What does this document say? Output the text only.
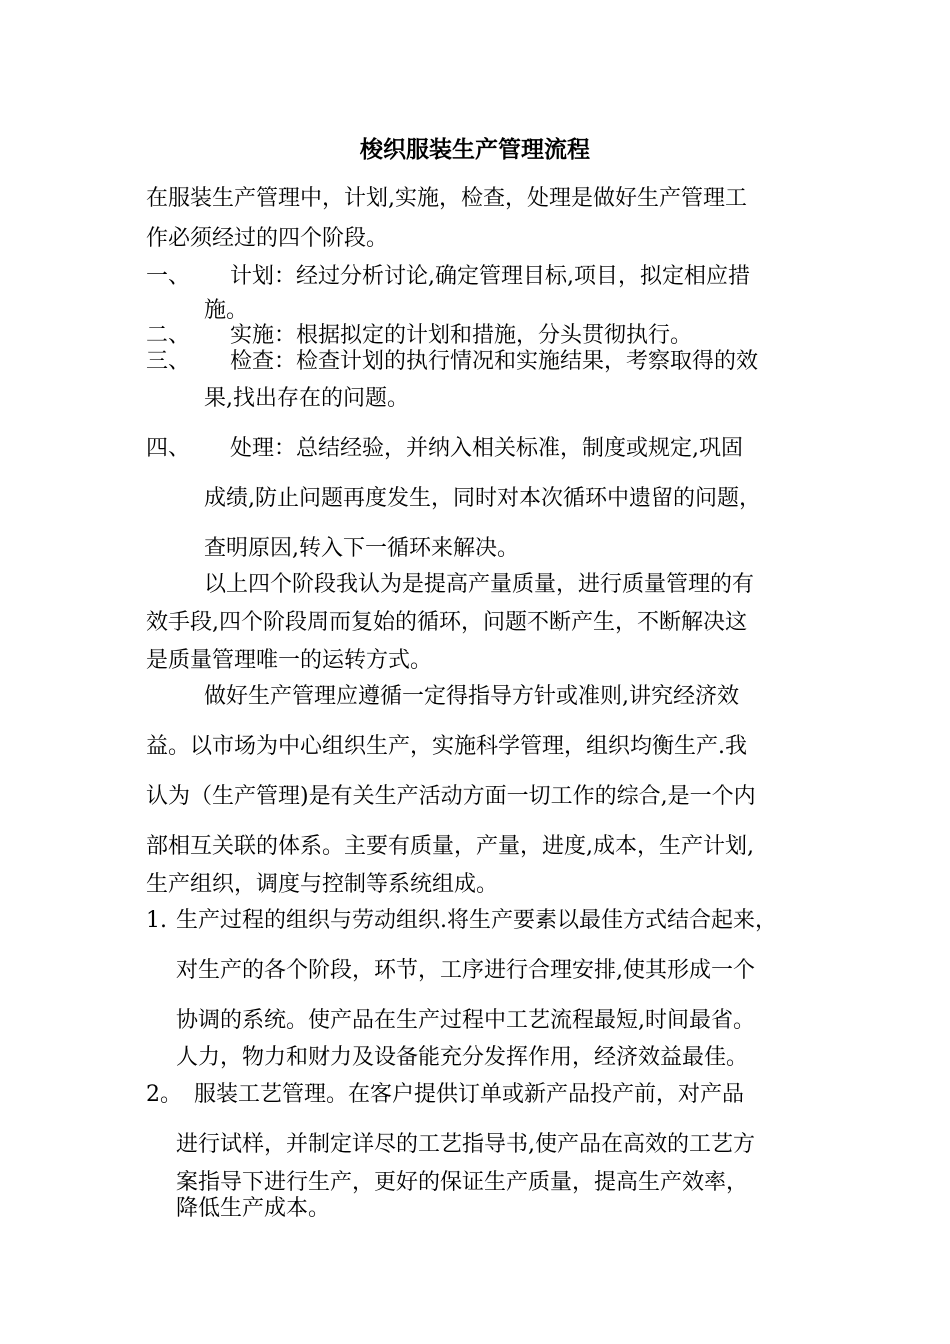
梭织服装生产管理流程
在服装生产管理中，计划,实施，检查，处理是做好生产管理工
作必须经过的四个阶段。
一、 计划：经过分析讨论,确定管理目标,项目，拟定相应措
施。
二、 实施：根据拟定的计划和措施，分头贯彻执行。
三、 检查：检查计划的执行情况和实施结果，考察取得的效
果,找出存在的问题。
四、 处理：总结经验，并纳入相关标准，制度或规定,巩固
成绩,防止问题再度发生，同时对本次循环中遗留的问题，
查明原因,转入下一循环来解决。
以上四个阶段我认为是提高产量质量，进行质量管理的有
效手段,四个阶段周而复始的循环，问题不断产生，不断解决这
是质量管理唯一的运转方式。
做好生产管理应遵循一定得指导方针或准则,讲究经济效
益。以市场为中心组织生产，实施科学管理，组织均衡生产.我
认为（生产管理)是有关生产活动方面一切工作的综合,是一个内
部相互关联的体系。主要有质量，产量，进度,成本，生产计划,
生产组织，调度与控制等系统组成。
1. 生产过程的组织与劳动组织.将生产要素以最佳方式结合起来，
对生产的各个阶段，环节，工序进行合理安排,使其形成一个
协调的系统。使产品在生产过程中工艺流程最短,时间最省。
人力，物力和财力及设备能充分发挥作用，经济效益最佳。
2。 服装工艺管理。在客户提供订单或新产品投产前，对产品
进行试样，并制定详尽的工艺指导书,使产品在高效的工艺方
案指导下进行生产，更好的保证生产质量，提高生产效率，
降低生产成本。
